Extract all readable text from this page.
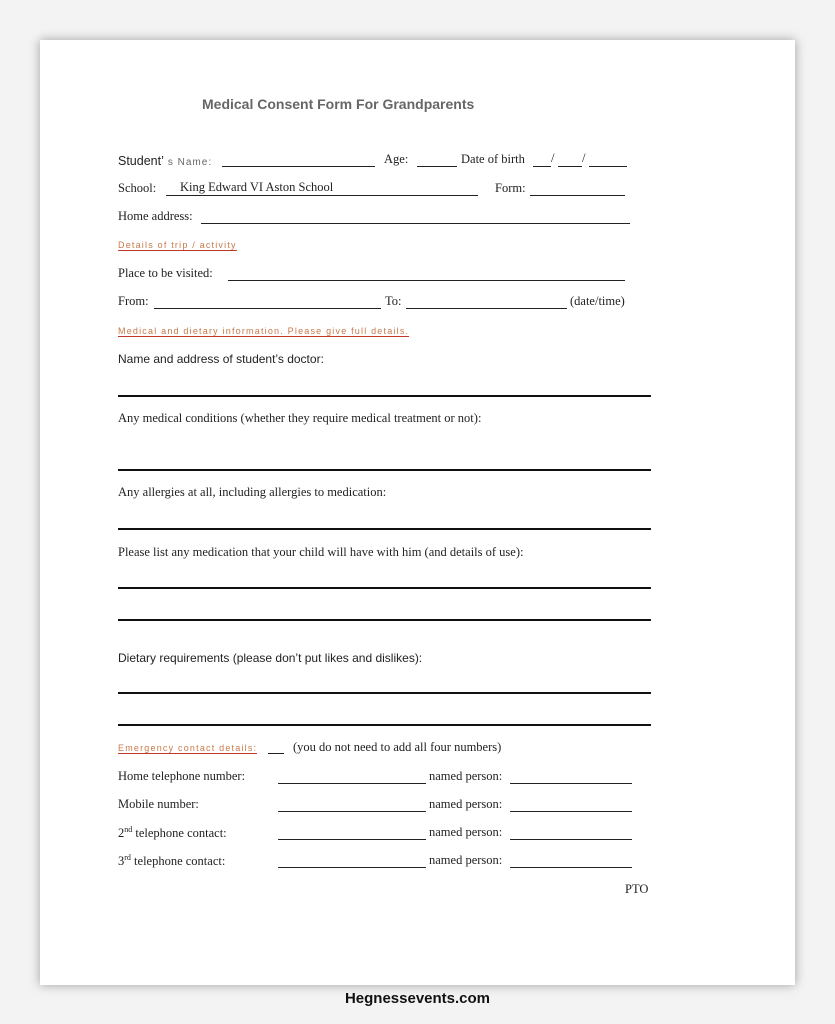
Medical Consent Form For Grandparents
Student’ s Name:	Age:	Date of birth / /
School: King Edward VI Aston School	Form:
Home address:
Details of trip / activity
Place to be visited:
From:	To:	(date/time)
Medical and dietary information. Please give full details.
Name and address of student’s doctor:
Any medical conditions (whether they require medical treatment or not):
Any allergies at all, including allergies to medication:
Please list any medication that your child will have with him (and details of use):
Dietary requirements (please don’t put likes and dislikes):
Emergency contact details:	(you do not need to add all four numbers)
Home telephone number:	named person:
Mobile number:	named person:
2nd telephone contact:	named person:
3rd telephone contact:	named person:
PTO
Hegnessevents.com
